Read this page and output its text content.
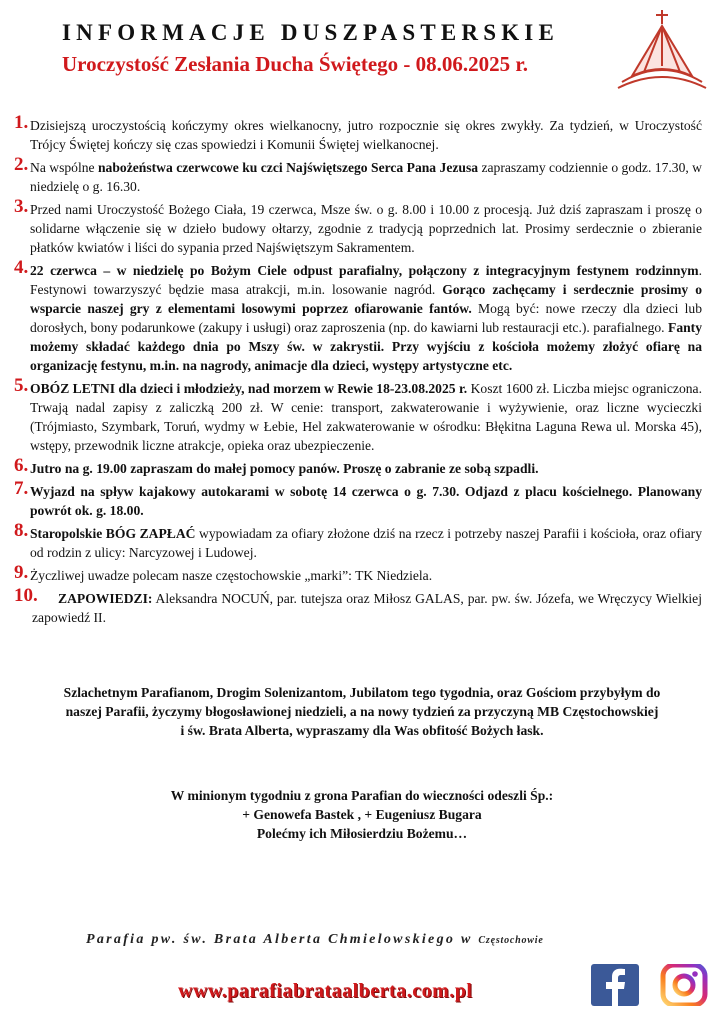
INFORMACJE DUSZPASTERSKIE
Uroczystość Zesłania Ducha Świętego - 08.06.2025 r.
1. Dzisiejszą uroczystością kończymy okres wielkanocny, jutro rozpocznie się okres zwykły. Za tydzień, w Uroczystość Trójcy Świętej kończy się czas spowiedzi i Komunii Świętej wielkanocnej.
2. Na wspólne nabożeństwa czerwcowe ku czci Najświętszego Serca Pana Jezusa zapraszamy codziennie o godz. 17.30, w niedzielę o g. 16.30.
3. Przed nami Uroczystość Bożego Ciała, 19 czerwca, Msze św. o g. 8.00 i 10.00 z procesją. Już dziś zapraszam i proszę o solidarne włączenie się w dzieło budowy ołtarzy, zgodnie z tradycją poprzednich lat. Prosimy serdecznie o zbieranie płatków kwiatów i liści do sypania przed Najświętszym Sakramentem.
4. 22 czerwca – w niedzielę po Bożym Ciele odpust parafialny, połączony z integracyjnym festynem rodzinnym. Festynowi towarzyszyć będzie masa atrakcji, m.in. losowanie nagród. Gorąco zachęcamy i serdecznie prosimy o wsparcie naszej gry z elementami losowymi poprzez ofiarowanie fantów. Mogą być: nowe rzeczy dla dzieci lub dorosłych, bony podarunkowe (zakupy i usługi) oraz zaproszenia (np. do kawiarni lub restauracji etc.). parafialnego. Fanty możemy składać każdego dnia po Mszy św. w zakrystii. Przy wyjściu z kościoła możemy złożyć ofiarę na organizację festynu, m.in. na nagrody, animacje dla dzieci, występy artystyczne etc.
5. OBÓZ LETNI dla dzieci i młodzieży, nad morzem w Rewie 18-23.08.2025 r. Koszt 1600 zł. Liczba miejsc ograniczona. Trwają nadal zapisy z zaliczką 200 zł. W cenie: transport, zakwaterowanie i wyżywienie, oraz liczne wycieczki (Trójmiasto, Szymbark, Toruń, wydmy w Łebie, Hel zakwaterowanie w ośrodku: Błękitna Laguna Rewa ul. Morska 45), wstępy, przewodnik liczne atrakcje, opieka oraz ubezpieczenie.
6. Jutro na g. 19.00 zapraszam do małej pomocy panów. Proszę o zabranie ze sobą szpadli.
7. Wyjazd na spływ kajakowy autokarami w sobotę 14 czerwca o g. 7.30. Odjazd z placu kościelnego. Planowany powrót ok. g. 18.00.
8. Staropolskie BÓG ZAPŁAĆ wypowiadam za ofiary złożone dziś na rzecz i potrzeby naszej Parafii i kościoła, oraz ofiary od rodzin z ulicy: Narcyzowej i Ludowej.
9. Życzliwej uwadze polecam nasze częstochowskie „marki”: TK Niedziela.
10. ZAPOWIEDZI: Aleksandra NOCUŃ, par. tutejsza oraz Miłosz GALAS, par. pw. św. Józefa, we Wręczycy Wielkiej zapowiedź II.
Szlachetnym Parafianom, Drogim Solenizantom, Jubilatom tego tygodnia, oraz Gościom przybyłym do
naszej Parafii, życzymy błogosławionej niedzieli, a na nowy tydzień za przyczyną MB Częstochowskiej
i św. Brata Alberta, wypraszamy dla Was obfitość Bożych łask.
W minionym tygodniu z grona Parafian do wieczności odeszli Śp.:
+ Genowefa Bastek , + Eugeniusz Bugara
Polećmy ich Miłosierdziu Bożemu…
Parafia pw. św. Brata Alberta Chmielowskiego w Częstochowie
www.parafiabrataalberta.com.pl
